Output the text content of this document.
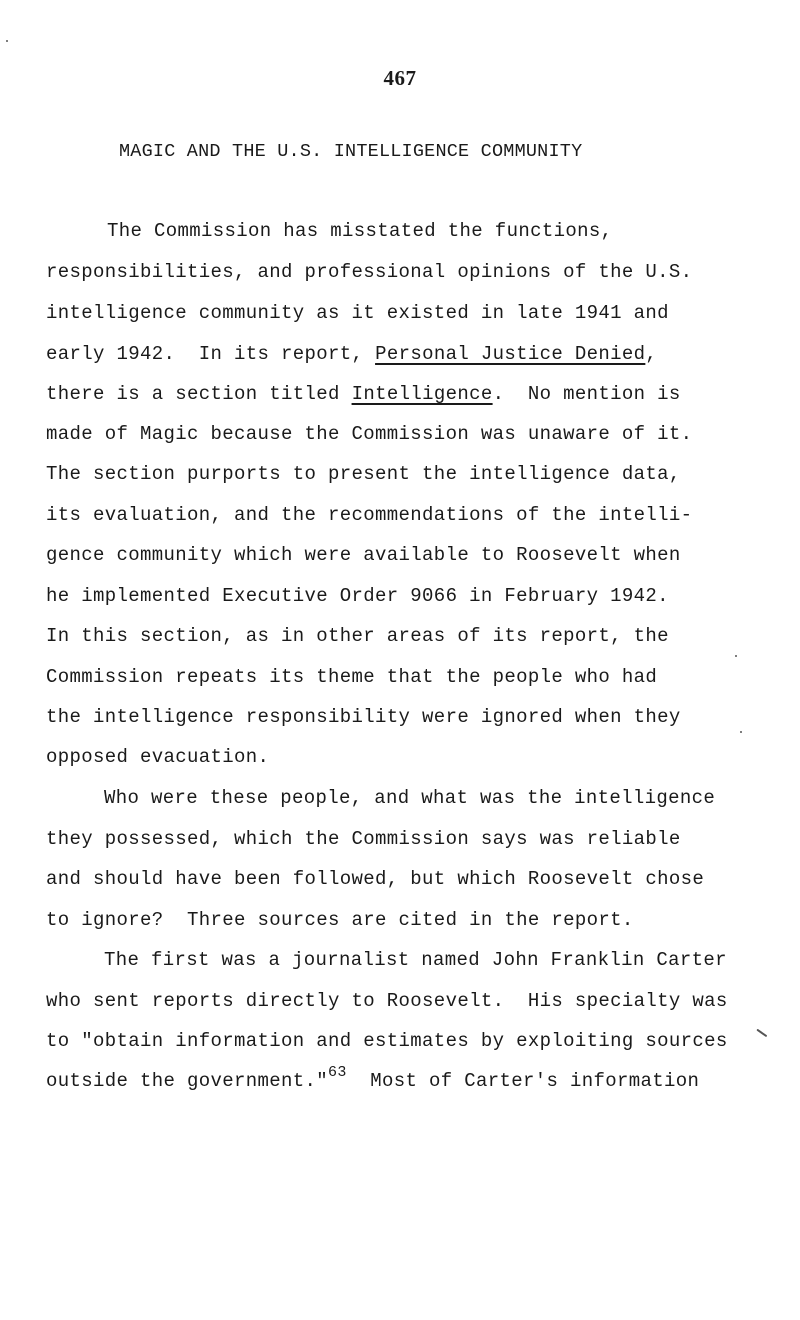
467
MAGIC AND THE U.S. INTELLIGENCE COMMUNITY
The Commission has misstated the functions,
responsibilities, and professional opinions of the U.S.
intelligence community as it existed in late 1941 and
early 1942.  In its report, Personal Justice Denied,
there is a section titled Intelligence.  No mention is
made of Magic because the Commission was unaware of it.
The section purports to present the intelligence data,
its evaluation, and the recommendations of the intelli-
gence community which were available to Roosevelt when
he implemented Executive Order 9066 in February 1942.
In this section, as in other areas of its report, the
Commission repeats its theme that the people who had
the intelligence responsibility were ignored when they
opposed evacuation.
Who were these people, and what was the intelligence
they possessed, which the Commission says was reliable
and should have been followed, but which Roosevelt chose
to ignore?  Three sources are cited in the report.
The first was a journalist named John Franklin Carter
who sent reports directly to Roosevelt.  His specialty was
to "obtain information and estimates by exploiting sources
outside the government."$^{63}$  Most of Carter's information
